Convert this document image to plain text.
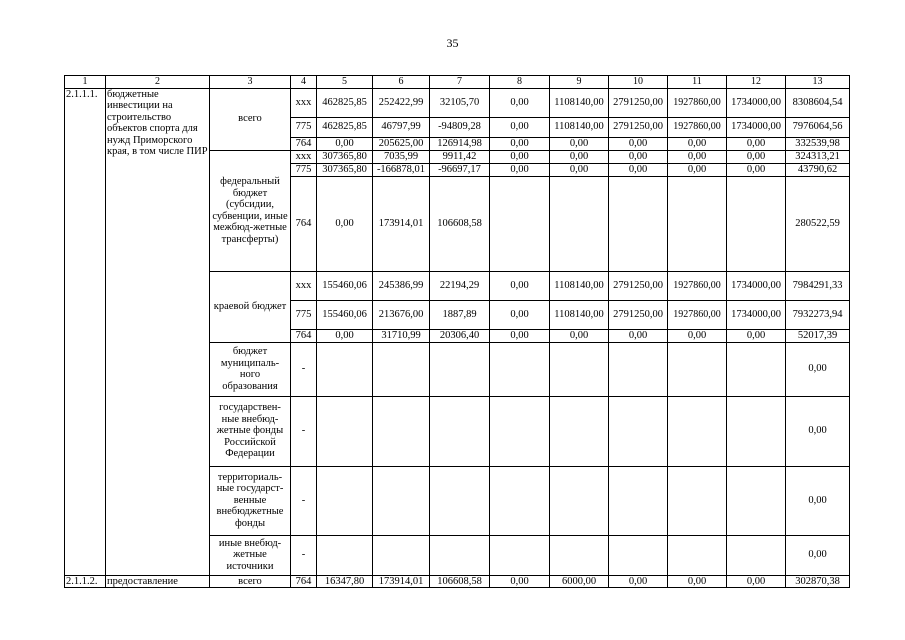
35
1	2	3	4	5	6	7	8	9	10	11	12	13
2.1.1.1.	бюджетные инвестиции на строительство объектов спорта для нужд Приморского края, в том числе ПИР	всего	ххх	462825,85	252422,99	32105,70	0,00	1108140,00	2791250,00	1927860,00	1734000,00	8308604,54
			775	462825,85	46797,99	-94809,28	0,00	1108140,00	2791250,00	1927860,00	1734000,00	7976064,56
			764	0,00	205625,00	126914,98	0,00	0,00	0,00	0,00	0,00	332539,98
		федеральный бюджет (субсидии, субвенции, иные межбюд-жетные трансферты)	ххх	307365,80	7035,99	9911,42	0,00	0,00	0,00	0,00	0,00	324313,21
			775	307365,80	-166878,01	-96697,17	0,00	0,00	0,00	0,00	0,00	43790,62
			764	0,00	173914,01	106608,58						280522,59
		краевой бюджет	ххх	155460,06	245386,99	22194,29	0,00	1108140,00	2791250,00	1927860,00	1734000,00	7984291,33
			775	155460,06	213676,00	1887,89	0,00	1108140,00	2791250,00	1927860,00	1734000,00	7932273,94
			764	0,00	31710,99	20306,40	0,00	0,00	0,00	0,00	0,00	52017,39
		бюджет муниципаль-ного образования	-									0,00
		государствен-ные внебюд-жетные фонды Российской Федерации	-									0,00
		территориаль-ные государст-венные внебюджетные фонды	-									0,00
		иные внебюд-жетные источники	-									0,00
2.1.1.2.	предоставление	всего	764	16347,80	173914,01	106608,58	0,00	6000,00	0,00	0,00	0,00	302870,38
